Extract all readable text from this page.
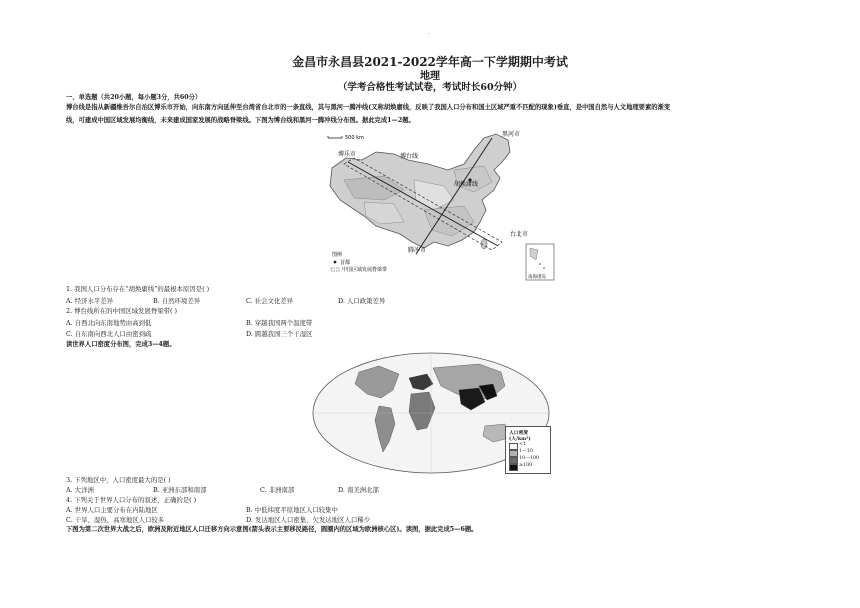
.
金昌市永昌县2021-2022学年高一下学期期中考试
地理
（学考合格性考试试卷，考试时长60分钟）
一、单选题（共20小题，每小题3分，共60分）
博台线是指从新疆维吾尔自治区博乐市开始，向东南方向延伸至台湾省台北市的一条直线，其与黑河一腾冲线(又称胡焕庸线，反映了我国人口分布和国土区域严重不匹配的现象)垂直，是中国自然与人文地理要素的渐变
线，可建成中国区域发展均衡线，未来建成国家发展的战略脊梁线。下图为博台线和黑河一腾冲线分布图。据此完成1—2题。
500 km
博乐市	博台线
黑河市
胡焕庸线
腾冲市
台北市
图例
首都
中国区域发展脊梁带
南海诸岛
1. 我国人口分布存在“胡焕庸线”的最根本原因是( )
A. 经济水平差异	B. 自然环境差异	C. 社会文化差异	D. 人口政策差异
2. 博台线所在的中国区域发展脊梁带( )
A. 自西北向东南地势由高到低	B. 穿越我国两个温度带
C. 自东南向西北人口由密到疏	D. 跨越我国三个干湿区
读世界人口密度分布图，完成3—4题。
人口密度
(人/km²)
<1
1—10
10—100
≥100
3. 下列地区中，人口密度最大的是( )
A. 大洋洲	B. 亚洲东部和南部	C. 非洲南部	D. 南美洲北部
4. 下列关于世界人口分布的叙述，正确的是( )
A. 世界人口主要分布在内陆地区	B. 中低纬度平原地区人口较集中
C. 干旱、湿热、高寒地区人口较多	D. 发达地区人口密集，欠发达地区人口稀少
下图为第二次世界大战之后，欧洲及附近地区人口迁移方向示意图(箭头表示主要移民路径，圆圈内的区域为欧洲核心区)。读图，据此完成5—6题。
